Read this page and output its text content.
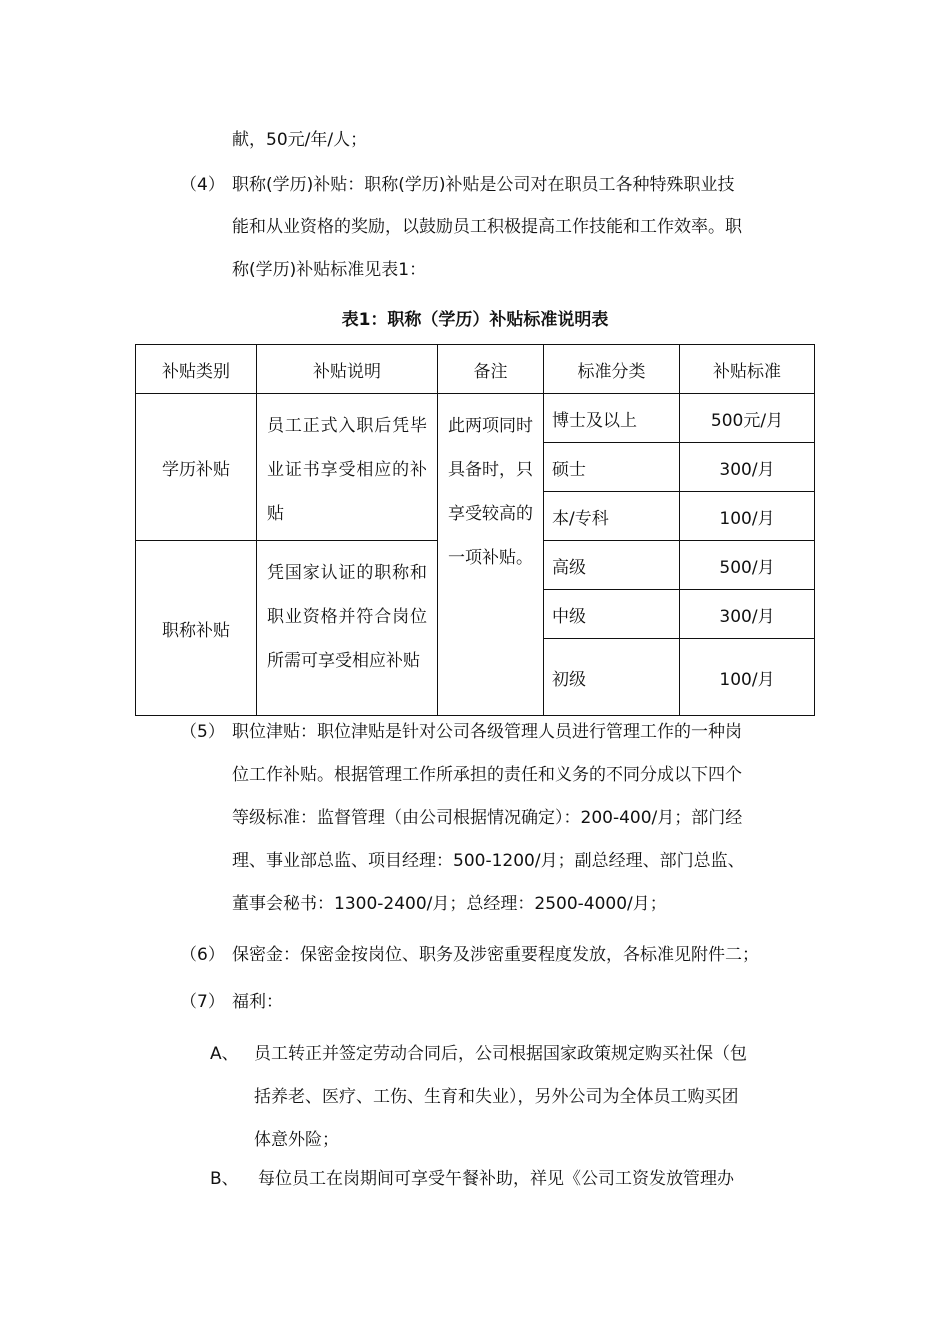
献，50元/年/人；
（4） 职称(学历)补贴：职称(学历)补贴是公司对在职员工各种特殊职业技
能和从业资格的奖励，以鼓励员工积极提高工作技能和工作效率。职
称(学历)补贴标准见表1：
表1：职称（学历）补贴标准说明表
补贴类别	补贴说明	备注	标准分类	补贴标准
学历补贴	员工正式入职后凭毕业证书享受相应的补贴	此两项同时具备时，只享受较高的一项补贴。	博士及以上	500元/月
			硕士	300/月
			本/专科	100/月
职称补贴	凭国家认证的职称和职业资格并符合岗位所需可享受相应补贴		高级	500/月
			中级	300/月
			初级	100/月
（5） 职位津贴：职位津贴是针对公司各级管理人员进行管理工作的一种岗
位工作补贴。根据管理工作所承担的责任和义务的不同分成以下四个
等级标准：监督管理（由公司根据情况确定）：200-400/月；部门经
理、事业部总监、项目经理：500-1200/月；副总经理、部门总监、
董事会秘书：1300-2400/月；总经理：2500-4000/月；
（6） 保密金：保密金按岗位、职务及涉密重要程度发放，各标准见附件二；
（7） 福利：
A、 员工转正并签定劳动合同后，公司根据国家政策规定购买社保（包
括养老、医疗、工伤、生育和失业），另外公司为全体员工购买团
体意外险；
B、 每位员工在岗期间可享受午餐补助，祥见《公司工资发放管理办
